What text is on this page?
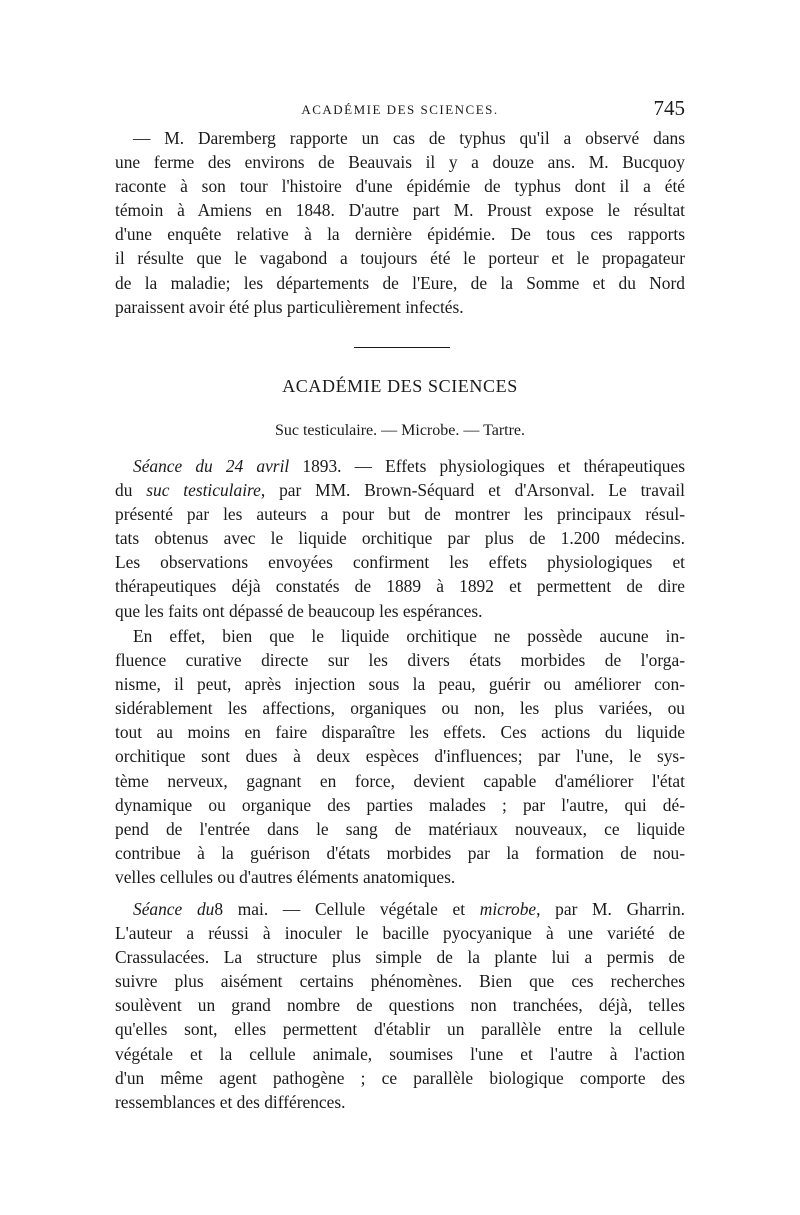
ACADÉMIE DES SCIENCES.	745
— M. Daremberg rapporte un cas de typhus qu'il a observé dans
une ferme des environs de Beauvais il y a douze ans. M. Bucquoy
raconte à son tour l'histoire d'une épidémie de typhus dont il a été
témoin à Amiens en 1848. D'autre part M. Proust expose le résultat
d'une enquête relative à la dernière épidémie. De tous ces rapports
il résulte que le vagabond a toujours été le porteur et le propagateur
de la maladie; les départements de l'Eure, de la Somme et du Nord
paraissent avoir été plus particulièrement infectés.
ACADÉMIE DES SCIENCES
Suc testiculaire. — Microbe. — Tartre.
Séance du 24 avril 1893. — Effets physiologiques et thérapeutiques
du suc testiculaire, par MM. Brown-Séquard et d'Arsonval. Le travail
présenté par les auteurs a pour but de montrer les principaux résul-
tats obtenus avec le liquide orchitique par plus de 1.200 médecins.
Les observations envoyées confirment les effets physiologiques et
thérapeutiques déjà constatés de 1889 à 1892 et permettent de dire
que les faits ont dépassé de beaucoup les espérances.
En effet, bien que le liquide orchitique ne possède aucune in-
fluence curative directe sur les divers états morbides de l'orga-
nisme, il peut, après injection sous la peau, guérir ou améliorer con-
sidérablement les affections, organiques ou non, les plus variées, ou
tout au moins en faire disparaître les effets. Ces actions du liquide
orchitique sont dues à deux espèces d'influences; par l'une, le sys-
tème nerveux, gagnant en force, devient capable d'améliorer l'état
dynamique ou organique des parties malades ; par l'autre, qui dé-
pend de l'entrée dans le sang de matériaux nouveaux, ce liquide
contribue à la guérison d'états morbides par la formation de nou-
velles cellules ou d'autres éléments anatomiques.
Séance du8 mai. — Cellule végétale et microbe, par M. Gharrin.
L'auteur a réussi à inoculer le bacille pyocyanique à une variété de
Crassulacées. La structure plus simple de la plante lui a permis de
suivre plus aisément certains phénomènes. Bien que ces recherches
soulèvent un grand nombre de questions non tranchées, déjà, telles
qu'elles sont, elles permettent d'établir un parallèle entre la cellule
végétale et la cellule animale, soumises l'une et l'autre à l'action
d'un même agent pathogène ; ce parallèle biologique comporte des
ressemblances et des différences.
